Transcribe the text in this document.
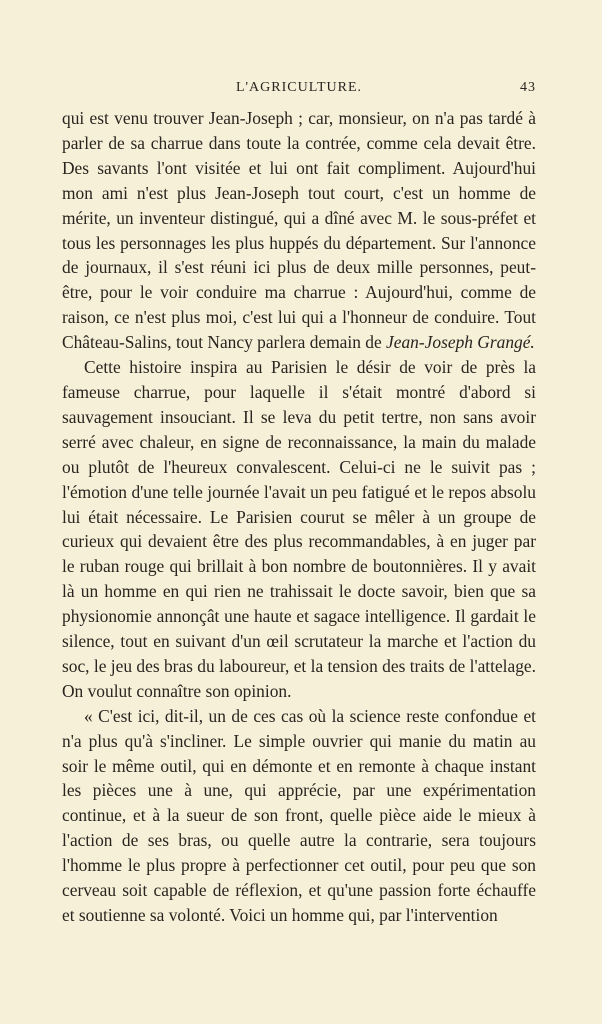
L'AGRICULTURE.	43

qui est venu trouver Jean-Joseph ; car, monsieur, on n'a pas tardé à parler de sa charrue dans toute la contrée, comme cela devait être. Des savants l'ont visitée et lui ont fait compliment. Aujourd'hui mon ami n'est plus Jean-Joseph tout court, c'est un homme de mérite, un inventeur distingué, qui a dîné avec M. le sous-préfet et tous les personnages les plus huppés du département. Sur l'annonce de journaux, il s'est réuni ici plus de deux mille personnes, peut-être, pour le voir conduire ma charrue : Aujourd'hui, comme de raison, ce n'est plus moi, c'est lui qui a l'honneur de conduire. Tout Château-Salins, tout Nancy parlera demain de Jean-Joseph Grangé.

Cette histoire inspira au Parisien le désir de voir de près la fameuse charrue, pour laquelle il s'était montré d'abord si sauvagement insouciant. Il se leva du petit tertre, non sans avoir serré avec chaleur, en signe de reconnaissance, la main du malade ou plutôt de l'heureux convalescent. Celui-ci ne le suivit pas ; l'émotion d'une telle journée l'avait un peu fatigué et le repos absolu lui était nécessaire. Le Parisien courut se mêler à un groupe de curieux qui devaient être des plus recommandables, à en juger par le ruban rouge qui brillait à bon nombre de boutonnières. Il y avait là un homme en qui rien ne trahissait le docte savoir, bien que sa physionomie annonçât une haute et sagace intelligence. Il gardait le silence, tout en suivant d'un œil scrutateur la marche et l'action du soc, le jeu des bras du laboureur, et la tension des traits de l'attelage. On voulut connaître son opinion.

« C'est ici, dit-il, un de ces cas où la science reste confondue et n'a plus qu'à s'incliner. Le simple ouvrier qui manie du matin au soir le même outil, qui en démonte et en remonte à chaque instant les pièces une à une, qui apprécie, par une expérimentation continue, et à la sueur de son front, quelle pièce aide le mieux à l'action de ses bras, ou quelle autre la contrarie, sera toujours l'homme le plus propre à perfectionner cet outil, pour peu que son cerveau soit capable de réflexion, et qu'une passion forte échauffe et soutienne sa volonté. Voici un homme qui, par l'intervention
